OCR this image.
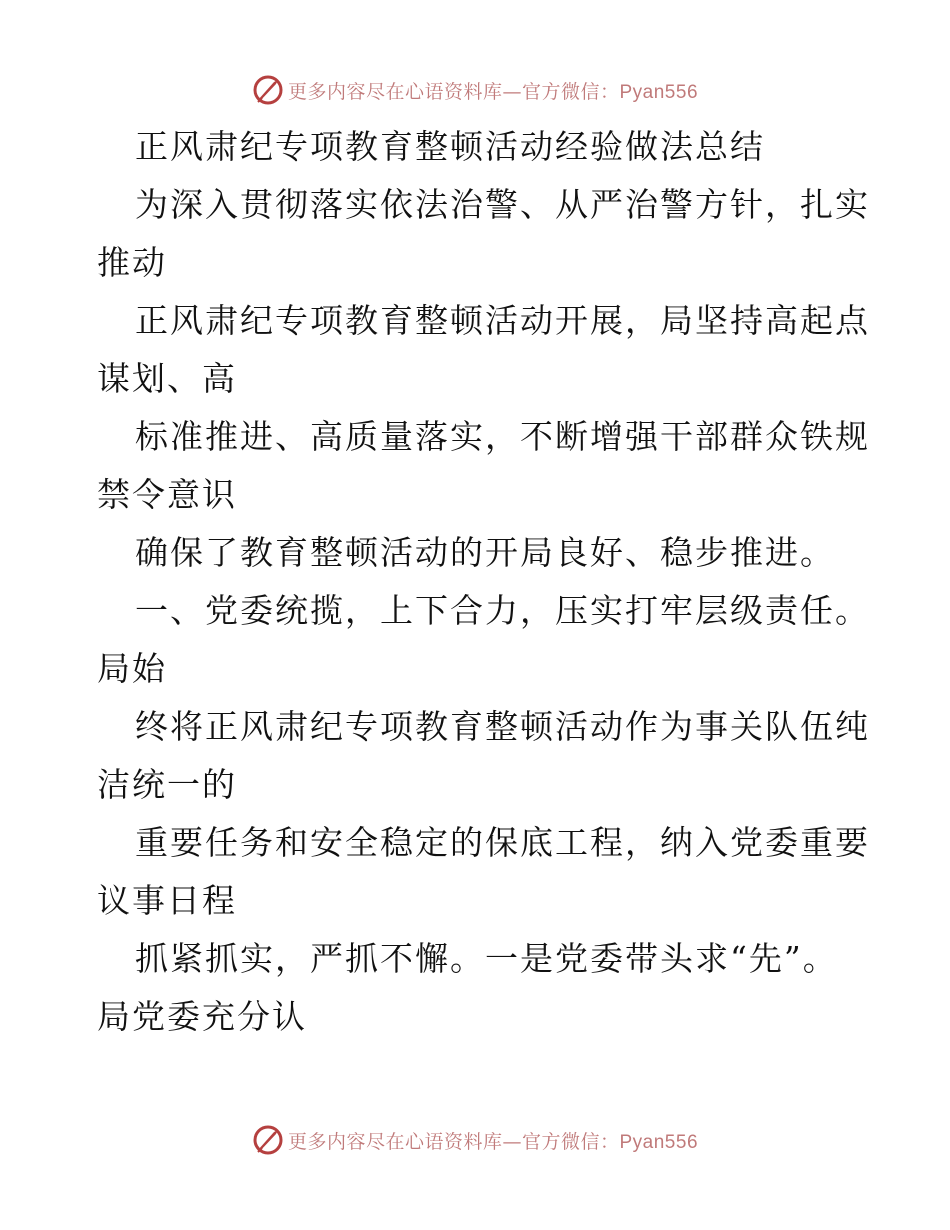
更多内容尽在心语资料库—官方微信：Pyan556
正风肃纪专项教育整顿活动经验做法总结
为深入贯彻落实依法治警、从严治警方针，扎实
推动
正风肃纪专项教育整顿活动开展，局坚持高起点
谋划、高
标准推进、高质量落实，不断增强干部群众铁规
禁令意识
确保了教育整顿活动的开局良好、稳步推进。
一、党委统揽，上下合力，压实打牢层级责任。
局始
终将正风肃纪专项教育整顿活动作为事关队伍纯
洁统一的
重要任务和安全稳定的保底工程，纳入党委重要
议事日程
抓紧抓实，严抓不懈。一是党委带头求“先”。
局党委充分认
更多内容尽在心语资料库—官方微信：Pyan556
